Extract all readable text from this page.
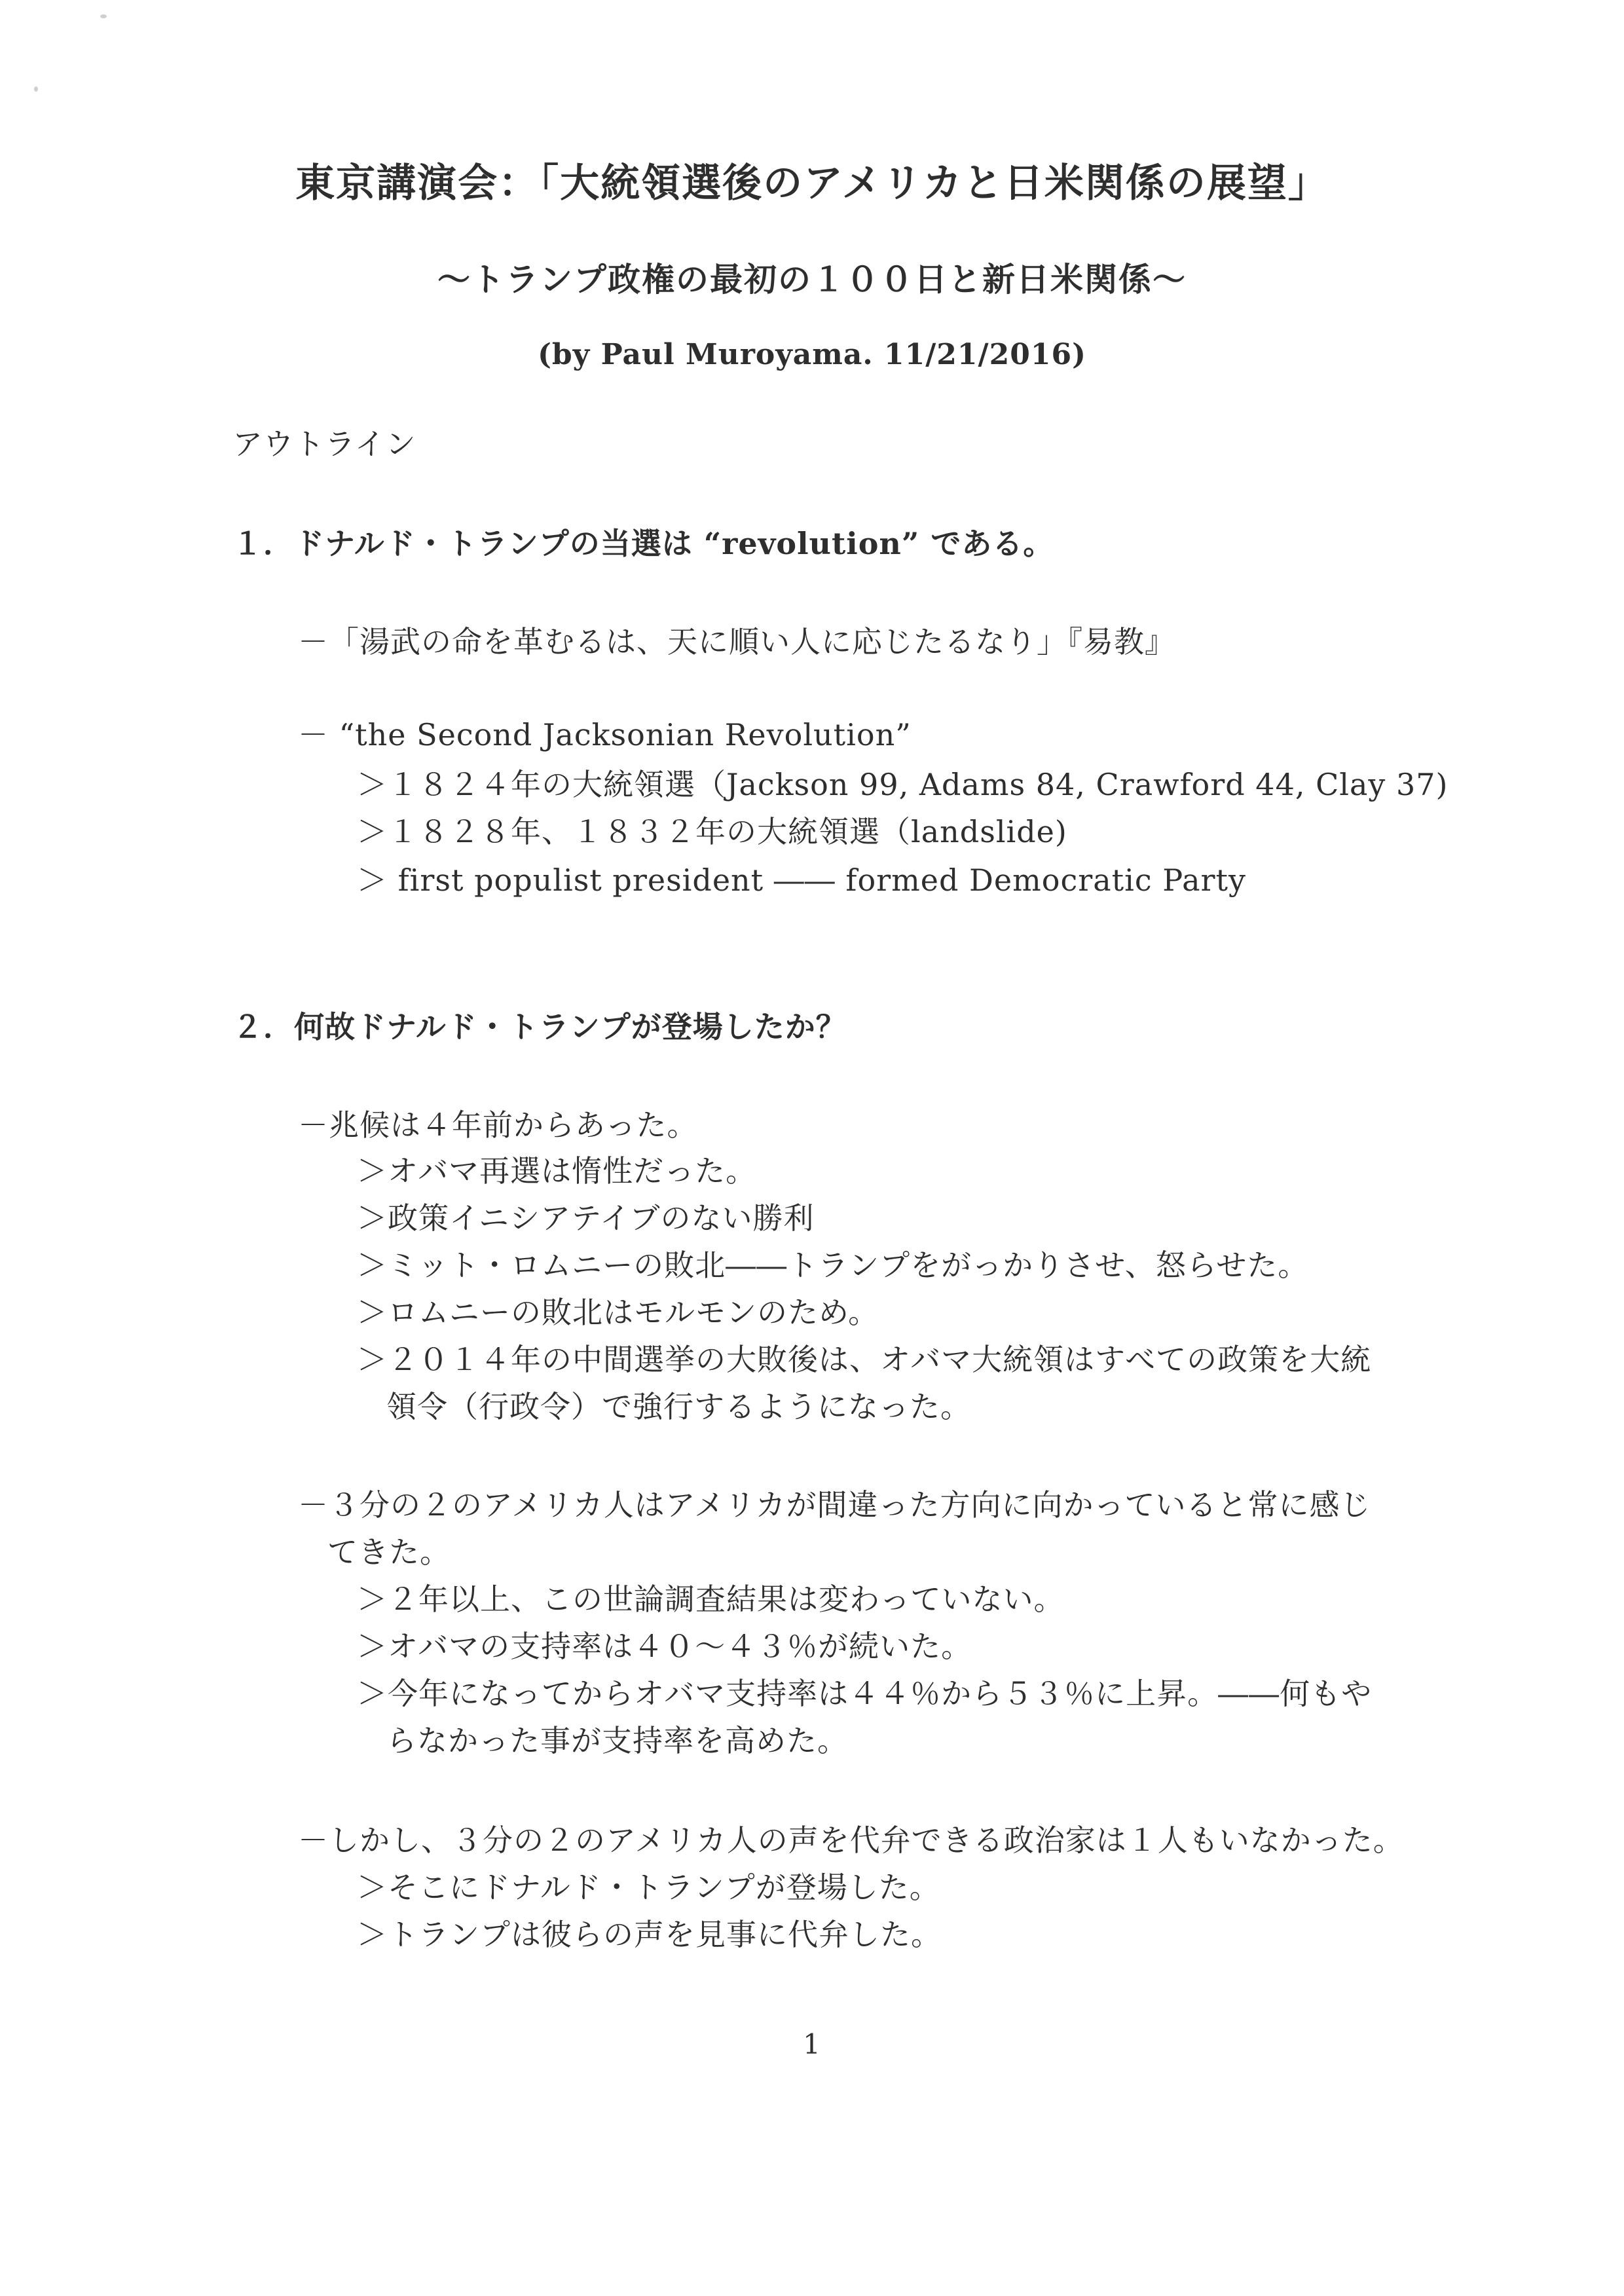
東京講演会：「大統領選後のアメリカと日米関係の展望」
〜トランプ政権の最初の１００日と新日米関係〜
(by Paul Muroyama. 11/21/2016)
アウトライン
１．ドナルド・トランプの当選は “revolution” である。
－「湯武の命を革むるは、天に順い人に応じたるなり」『易教』
－ “the Second Jacksonian Revolution”
＞１８２４年の大統領選（Jackson 99, Adams 84, Crawford 44, Clay 37)
＞１８２８年、１８３２年の大統領選（landslide)
＞ first populist president ―― formed Democratic Party
２．何故ドナルド・トランプが登場したか？
－兆候は４年前からあった。
＞オバマ再選は惰性だった。
＞政策イニシアテイブのない勝利
＞ミット・ロムニーの敗北――トランプをがっかりさせ、怒らせた。
＞ロムニーの敗北はモルモンのため。
＞２０１４年の中間選挙の大敗後は、オバマ大統領はすべての政策を大統
領令（行政令）で強行するようになった。
－３分の２のアメリカ人はアメリカが間違った方向に向かっていると常に感じ
てきた。
＞２年以上、この世論調査結果は変わっていない。
＞オバマの支持率は４０〜４３％が続いた。
＞今年になってからオバマ支持率は４４％から５３％に上昇。――何もや
らなかった事が支持率を高めた。
－しかし、３分の２のアメリカ人の声を代弁できる政治家は１人もいなかった。
＞そこにドナルド・トランプが登場した。
＞トランプは彼らの声を見事に代弁した。
1
